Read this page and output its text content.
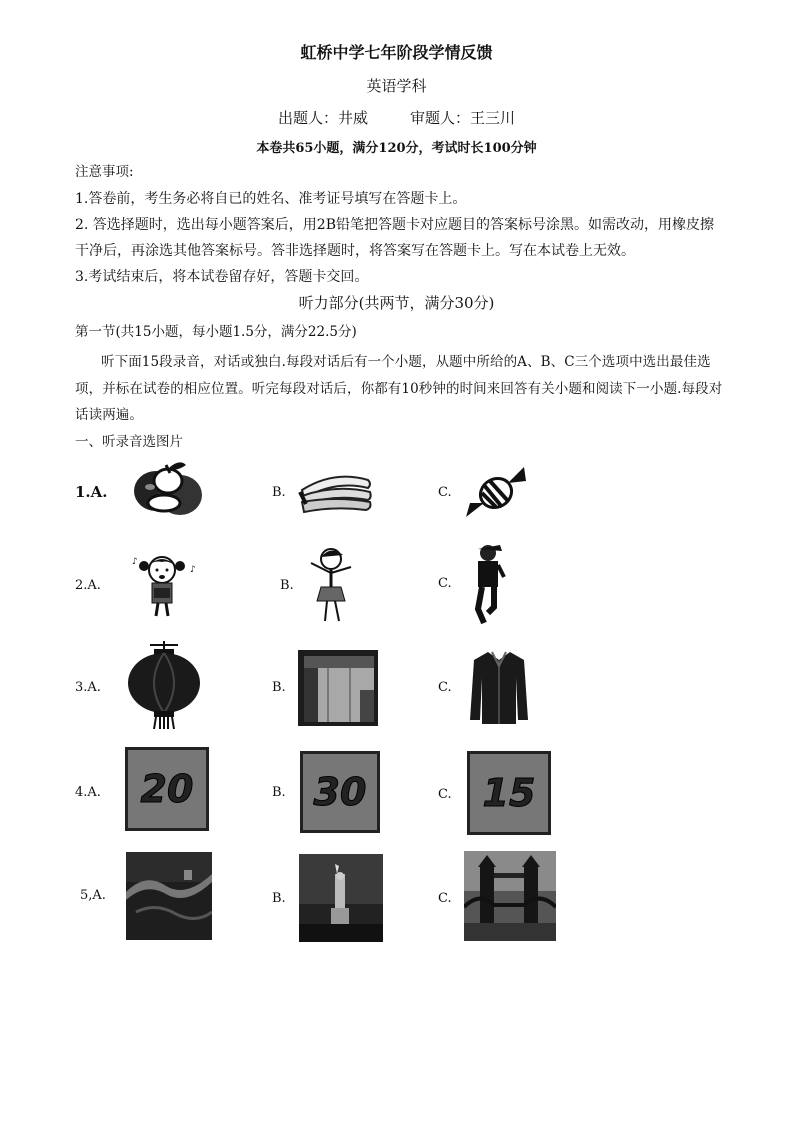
虹桥中学七年阶段学情反馈
英语学科
出题人：井威	审题人：王三川
本卷共65小题，满分120分，考试时长100分钟
注意事项:
1.答卷前，考生务必将自已的姓名、准考证号填写在答题卡上。
2. 答选择题时，选出每小题答案后，用2B铅笔把答题卡对应题目的答案标号涂黑。如需改动，用橡皮擦
干净后，再涂选其他答案标号。答非选择题时，将答案写在答题卡上。写在本试卷上无效。
3.考试结束后，将本试卷留存好，答题卡交回。
听力部分(共两节，满分30分)
第一节(共15小题，每小题1.5分，满分22.5分)
听下面15段录音，对话或独白.每段对话后有一个小题，从题中所给的A、B、C三个选项中选出最佳选项，并标在试卷的相应位置。听完每段对话后，你都有10秒钟的时间来回答有关小题和阅读下一小题.每段对话读两遍。
一、听录音选图片
1.A.	B.	C.
2.A.	B.	C.
♪
♪
3.A.	B.	C.
4.A.	B.	C.
20	30	15
5,A.	B.	C.
